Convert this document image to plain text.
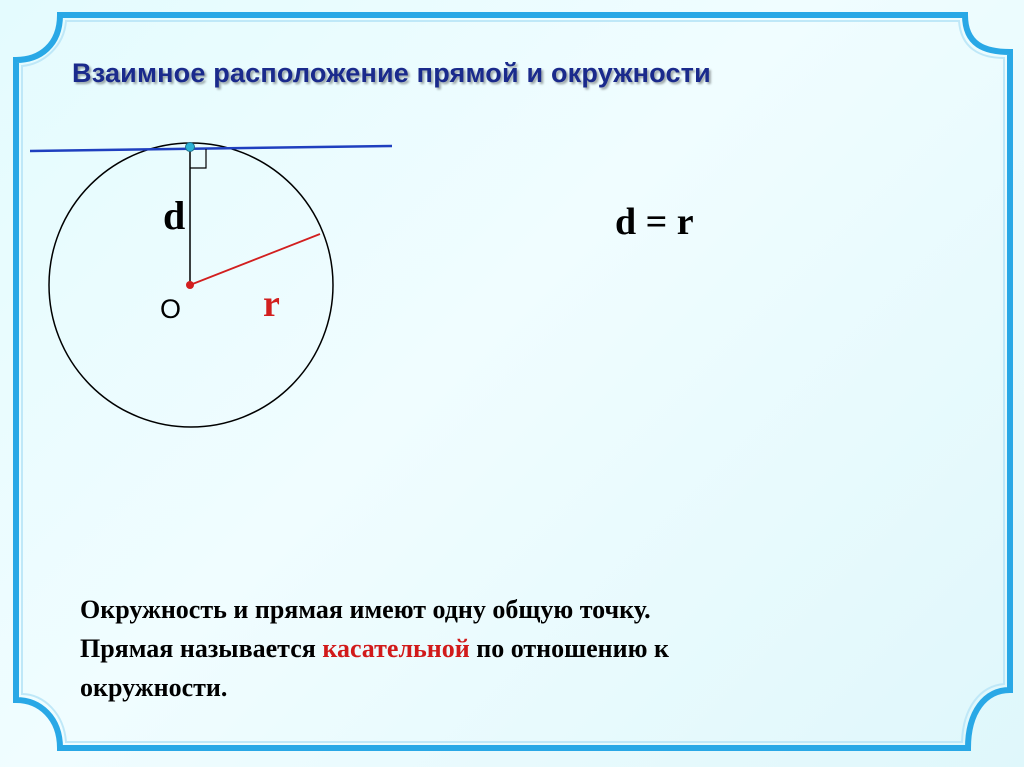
Взаимное расположение прямой и окружности
d
r
O
d = r
Окружность и прямая имеют одну общую точку.
Прямая называется касательной по отношению к
окружности.
